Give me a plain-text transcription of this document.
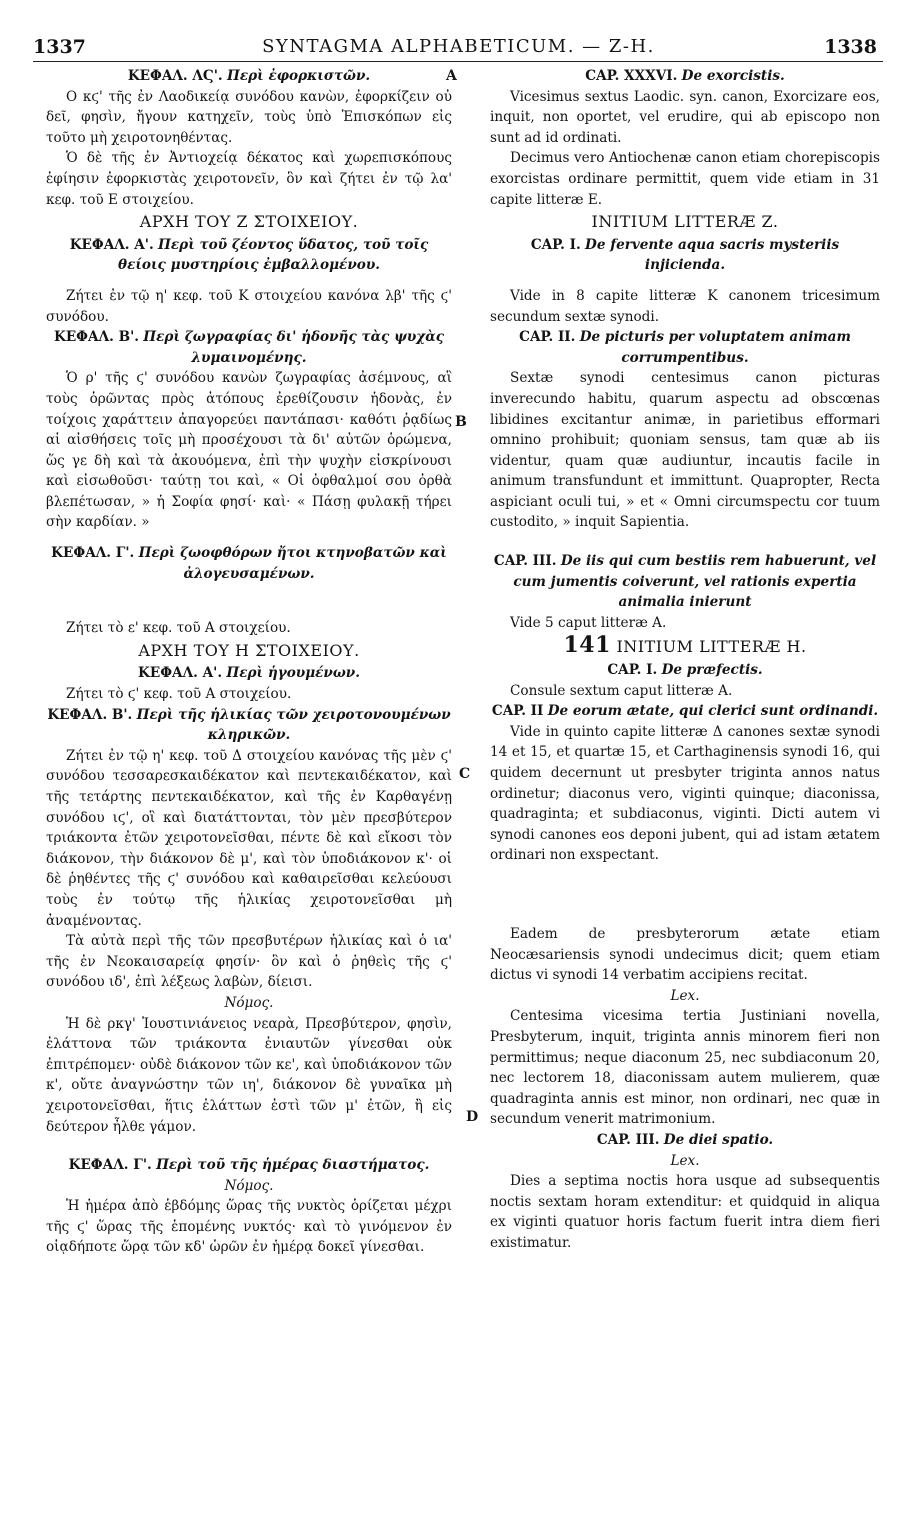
1337	SYNTAGMA ALPHABETICUM. — Z-H.	1338
A
B
C
D
ΚΕΦΑΛ. ΛϚ'. Περὶ ἐφορκιστῶν.

Ο κϛ' τῆς ἐν Λαοδικείᾳ συνόδου κανὼν, ἐφορκίζειν οὐ δεῖ, φησὶν, ἤγουν κατηχεῖν, τοὺς ὑπὸ Ἐπισκόπων εἰς τοῦτο μὴ χειροτονηθέντας.

Ὁ δὲ τῆς ἐν Ἀντιοχείᾳ δέκατος καὶ χωρεπισκόπους ἐφίησιν ἐφορκιστὰς χειροτονεῖν, ὃν καὶ ζήτει ἐν τῷ λα' κεφ. τοῦ Ε στοιχείου.

ΑΡΧΗ ΤΟΥ Ζ ΣΤΟΙΧΕΙΟΥ.
ΚΕΦΑΛ. Α'. Περὶ τοῦ ζέοντος ὕδατος, τοῦ τοῖς θείοις μυστηρίοις ἐμβαλλομένου.

Ζήτει ἐν τῷ η' κεφ. τοῦ Κ στοιχείου κανόνα λβ' τῆς ϛ' συνόδου.

ΚΕΦΑΛ. Β'. Περὶ ζωγραφίας δι' ἡδονῆς τὰς ψυχὰς λυμαινομένης.

Ὁ ρ' τῆς ϛ' συνόδου κανὼν ζωγραφίας ἀσέμνους, αἳ τοὺς ὁρῶντας πρὸς ἀτόπους ἐρεθίζουσιν ἡδονὰς, ἐν τοίχοις χαράττειν ἀπαγορεύει παντάπασι· καθότι ῥᾳδίως αἱ αἰσθήσεις τοῖς μὴ προσέχουσι τὰ δι' αὐτῶν ὁρώμενα, ὥς γε δὴ καὶ τὰ ἀκουόμενα, ἐπὶ τὴν ψυχὴν εἰσκρίνουσι καὶ εἰσωθοῦσι· ταύτῃ τοι καὶ, « Οἱ ὀφθαλμοί σου ὀρθὰ βλεπέτωσαν, » ἡ Σοφία φησί· καὶ· « Πάσῃ φυλακῇ τήρει σὴν καρδίαν. »

ΚΕΦΑΛ. Γ'. Περὶ ζωοφθόρων ἤτοι κτηνοβατῶν καὶ ἀλογευσαμένων.

Ζήτει τὸ ε' κεφ. τοῦ Α στοιχείου.

ΑΡΧΗ ΤΟΥ Η ΣΤΟΙΧΕΙΟΥ.
ΚΕΦΑΛ. Α'. Περὶ ἡγουμένων.

Ζήτει τὸ ϛ' κεφ. τοῦ Α στοιχείου.

ΚΕΦΑΛ. Β'. Περὶ τῆς ἡλικίας τῶν χειροτονουμένων κληρικῶν.

Ζήτει ἐν τῷ η' κεφ. τοῦ Δ στοιχείου κανόνας τῆς μὲν ϛ' συνόδου τεσσαρεσκαιδέκατον καὶ πεντεκαιδέκατον, καὶ τῆς τετάρτης πεντεκαιδέκατον, καὶ τῆς ἐν Καρθαγένῃ συνόδου ιϛ', οἳ καὶ διατάττονται, τὸν μὲν πρεσβύτερον τριάκοντα ἐτῶν χειροτονεῖσθαι, πέντε δὲ καὶ εἴκοσι τὸν διάκονον, τὴν διάκονον δὲ μ', καὶ τὸν ὑποδιάκονον κ'· οἱ δὲ ῥηθέντες τῆς ϛ' συνόδου καὶ καθαιρεῖσθαι κελεύουσι τοὺς ἐν τούτῳ τῆς ἡλικίας χειροτονεῖσθαι μὴ ἀναμένοντας.

Τὰ αὐτὰ περὶ τῆς τῶν πρεσβυτέρων ἡλικίας καὶ ὁ ια' τῆς ἐν Νεοκαισαρείᾳ φησίν· ὃν καὶ ὁ ῥηθεὶς τῆς ϛ' συνόδου ιδ', ἐπὶ λέξεως λαβὼν, δίεισι.

Νόμος.

Ἡ δὲ ρκγ' Ἰουστινιάνειος νεαρὰ, Πρεσβύτερον, φησὶν, ἐλάττονα τῶν τριάκοντα ἐνιαυτῶν γίνεσθαι οὐκ ἐπιτρέπομεν· οὐδὲ διάκονον τῶν κε', καὶ ὑποδιάκονον τῶν κ', οὔτε ἀναγνώστην τῶν ιη', διάκονον δὲ γυναῖκα μὴ χειροτονεῖσθαι, ἥτις ἐλάττων ἐστὶ τῶν μ' ἐτῶν, ἢ εἰς δεύτερον ἦλθε γάμον.

ΚΕΦΑΛ. Γ'. Περὶ τοῦ τῆς ἡμέρας διαστήματος.
Νόμος.

Ἡ ἡμέρα ἀπὸ ἑβδόμης ὥρας τῆς νυκτὸς ὁρίζεται μέχρι τῆς ϛ' ὥρας τῆς ἑπομένης νυκτός· καὶ τὸ γινόμενον ἐν οἱᾳδήποτε ὥρᾳ τῶν κδ' ὡρῶν ἐν ἡμέρᾳ δοκεῖ γίνεσθαι.

CAP. XXXVI. De exorcistis.

Vicesimus sextus Laodic. syn. canon, Exorcizare eos, inquit, non oportet, vel erudire, qui ab episcopo non sunt ad id ordinati.

Decimus vero Antiochenæ canon etiam chorepiscopis exorcistas ordinare permittit, quem vide etiam in 31 capite litteræ E.

INITIUM LITTERÆ Z.
CAP. I. De fervente aqua sacris mysteriis injicienda.

Vide in 8 capite litteræ K canonem tricesimum secundum sextæ synodi.

CAP. II. De picturis per voluptatem animam corrumpentibus.

Sextæ synodi centesimus canon picturas inverecundo habitu, quarum aspectu ad obscœnas libidines excitantur animæ, in parietibus efformari omnino prohibuit; quoniam sensus, tam quæ ab iis videntur, quam quæ audiuntur, incautis facile in animum transfundunt et immittunt. Quapropter, Recta aspiciant oculi tui, » et « Omni circumspectu cor tuum custodito, » inquit Sapientia.

CAP. III. De iis qui cum bestiis rem habuerunt, vel cum jumentis coiverunt, vel rationis expertia animalia inierunt

Vide 5 caput litteræ A.

141 INITIUM LITTERÆ H.
CAP. I. De præfectis.

Consule sextum caput litteræ A.

CAP. II De eorum ætate, qui clerici sunt ordinandi.

Vide in quinto capite litteræ Δ canones sextæ synodi 14 et 15, et quartæ 15, et Carthaginensis synodi 16, qui quidem decernunt ut presbyter triginta annos natus ordinetur; diaconus vero, viginti quinque; diaconissa, quadraginta; et subdiaconus, viginti. Dicti autem vi synodi canones eos deponi jubent, qui ad istam ætatem ordinari non exspectant.

Eadem de presbyterorum ætate etiam Neocæsariensis synodi undecimus dicit; quem etiam dictus vi synodi 14 verbatim accipiens recitat.

Lex.

Centesima vicesima tertia Justiniani novella, Presbyterum, inquit, triginta annis minorem fieri non permittimus; neque diaconum 25, nec subdiaconum 20, nec lectorem 18, diaconissam autem mulierem, quæ quadraginta annis est minor, non ordinari, nec quæ in secundum venerit matrimonium.

CAP. III. De diei spatio.
Lex.

Dies a septima noctis hora usque ad subsequentis noctis sextam horam extenditur: et quidquid in aliqua ex viginti quatuor horis factum fuerit intra diem fieri existimatur.
